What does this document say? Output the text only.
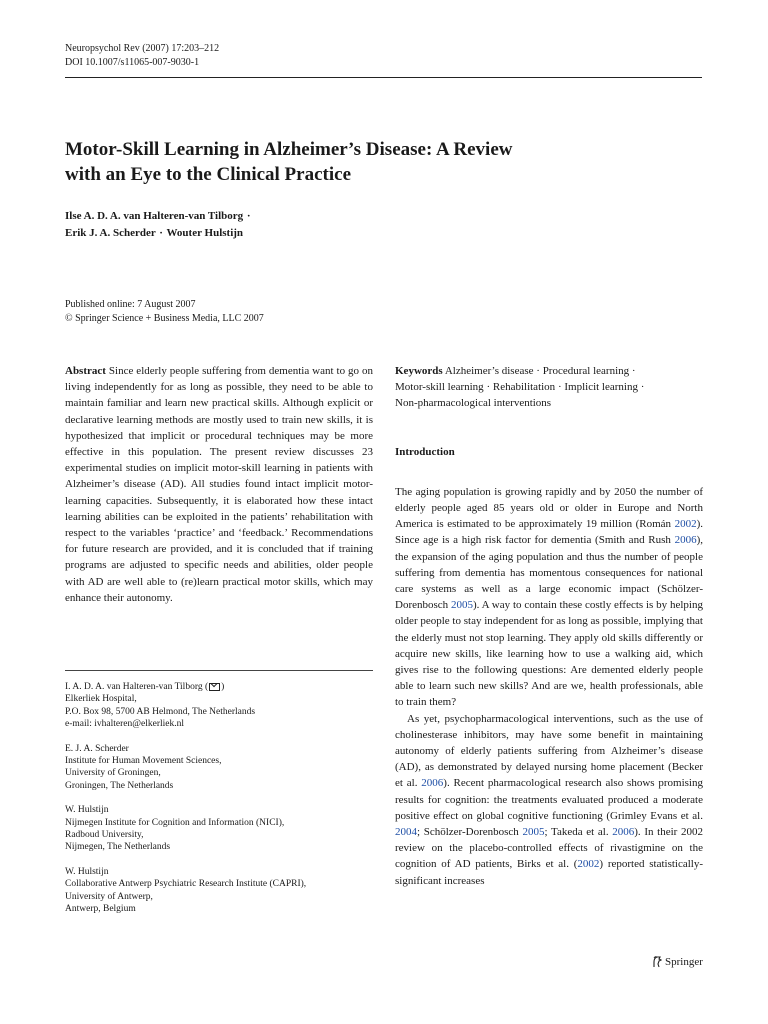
Neuropsychol Rev (2007) 17:203–212
DOI 10.1007/s11065-007-9030-1
Motor-Skill Learning in Alzheimer’s Disease: A Review
with an Eye to the Clinical Practice
Ilse A. D. A. van Halteren-van Tilborg ·
Erik J. A. Scherder · Wouter Hulstijn
Published online: 7 August 2007
© Springer Science + Business Media, LLC 2007
Abstract Since elderly people suffering from dementia want to go on living independently for as long as possible, they need to be able to maintain familiar and learn new practical skills. Although explicit or declarative learning methods are mostly used to train new skills, it is hypothesized that implicit or procedural techniques may be more effective in this population. The present review discusses 23 experimental studies on implicit motor-skill learning in patients with Alzheimer’s disease (AD). All studies found intact implicit motor-learning capacities. Subsequently, it is elaborated how these intact learning abilities can be exploited in the patients’ rehabilitation with respect to the variables ‘practice’ and ‘feedback.’ Recommendations for future research are provided, and it is concluded that if training programs are adjusted to specific needs and abilities, older people with AD are well able to (re)learn practical motor skills, which may enhance their autonomy.
Keywords Alzheimer’s disease · Procedural learning ·
Motor-skill learning · Rehabilitation · Implicit learning ·
Non-pharmacological interventions
Introduction

The aging population is growing rapidly and by 2050 the number of elderly people aged 85 years old or older in Europe and North America is estimated to be approximately 19 million (Román 2002). Since age is a high risk factor for dementia (Smith and Rush 2006), the expansion of the aging population and thus the number of people suffering from dementia has momentous consequences for national care systems as well as a large economic impact (Schölzer-Dorenbosch 2005). A way to contain these costly effects is by helping older people to stay independent for as long as possible, implying that the elderly must not stop learning. They apply old skills differently or acquire new skills, like learning how to use a walking aid, which gives rise to the following questions: Are demented elderly people able to learn such new skills? And are we, health professionals, able to train them?

As yet, psychopharmacological interventions, such as the use of cholinesterase inhibitors, may have some benefit in maintaining autonomy of elderly patients suffering from Alzheimer’s disease (AD), as demonstrated by delayed nursing home placement (Becker et al. 2006). Recent pharmacological research also shows promising results for cognition: the treatments evaluated produced a moderate positive effect on global cognitive functioning (Grimley Evans et al. 2004; Schölzer-Dorenbosch 2005; Takeda et al. 2006). In their 2002 review on the placebo-controlled effects of rivastigmine on the cognition of AD patients, Birks et al. (2002) reported statistically-significant increases

I. A. D. A. van Halteren-van Tilborg ( )
Elkerliek Hospital,
P.O. Box 98, 5700 AB Helmond, The Netherlands
e-mail: ivhalteren@elkerliek.nl
E. J. A. Scherder
Institute for Human Movement Sciences,
University of Groningen,
Groningen, The Netherlands
W. Hulstijn
Nijmegen Institute for Cognition and Information (NICI),
Radboud University,
Nijmegen, The Netherlands
W. Hulstijn
Collaborative Antwerp Psychiatric Research Institute (CAPRI),
University of Antwerp,
Antwerp, Belgium
Springer
